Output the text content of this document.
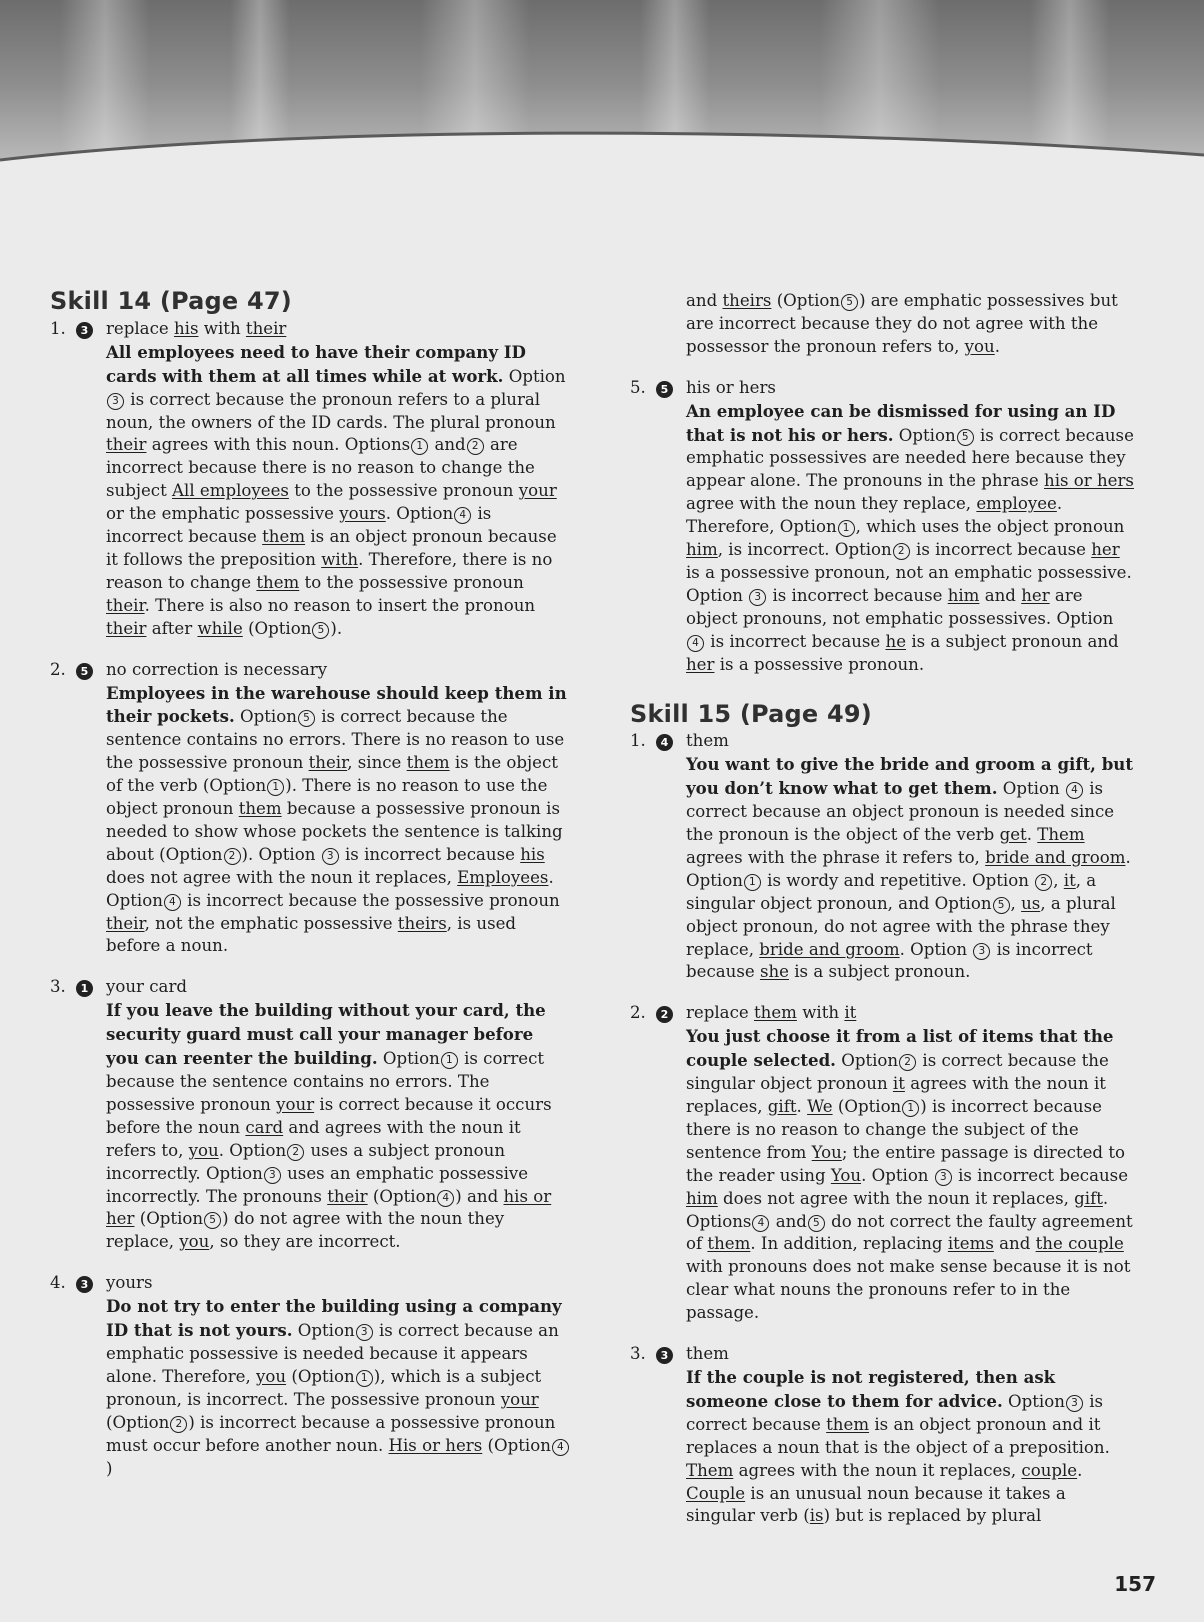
Skill 14 (Page 47)
1.	3	replace his with their

All employees need to have their company ID cards with them at all times while at work. Option 3 is correct because the pronoun refers to a plural noun, the owners of the ID cards. The plural pronoun their agrees with this noun. Options 1 and 2 are incorrect because there is no reason to change the subject All employees to the possessive pronoun your or the emphatic possessive yours. Option 4 is incorrect because them is an object pronoun because it follows the preposition with. Therefore, there is no reason to change them to the possessive pronoun their. There is also no reason to insert the pronoun their after while (Option 5 ).

2.	5	no correction is necessary

Employees in the warehouse should keep them in their pockets. Option 5 is correct because the sentence contains no errors. There is no reason to use the possessive pronoun their, since them is the object of the verb (Option 1 ). There is no reason to use the object pronoun them because a possessive pronoun is needed to show whose pockets the sentence is talking about (Option 2 ). Option 3 is incorrect because his does not agree with the noun it replaces, Employees. Option 4 is incorrect because the possessive pronoun their, not the emphatic possessive theirs, is used before a noun.

3.	1	your card

If you leave the building without your card, the security guard must call your manager before you can reenter the building. Option 1 is correct because the sentence contains no errors. The possessive pronoun your is correct because it occurs before the noun card and agrees with the noun it refers to, you. Option 2 uses a subject pronoun incorrectly. Option 3 uses an emphatic possessive incorrectly. The pronouns their (Option 4 ) and his or her (Option 5 ) do not agree with the noun they replace, you, so they are incorrect.

4.	3	yours

Do not try to enter the building using a company ID that is not yours. Option 3 is correct because an emphatic possessive is needed because it appears alone. Therefore, you (Option 1 ), which is a subject pronoun, is incorrect. The possessive pronoun your (Option 2 ) is incorrect because a possessive pronoun must occur before another noun. His or hers (Option 4)

and theirs (Option 5 ) are emphatic possessives but are incorrect because they do not agree with the possessor the pronoun refers to, you.

5.	5	his or hers

An employee can be dismissed for using an ID that is not his or hers. Option 5 is correct because emphatic possessives are needed here because they appear alone. The pronouns in the phrase his or hers agree with the noun they replace, employee. Therefore, Option 1 , which uses the object pronoun him, is incorrect. Option 2 is incorrect because her is a possessive pronoun, not an emphatic possessive. Option 3 is incorrect because him and her are object pronouns, not emphatic possessives. Option 4 is incorrect because he is a subject pronoun and her is a possessive pronoun.

Skill 15 (Page 49)
1.	4	them

You want to give the bride and groom a gift, but you don’t know what to get them. Option 4 is correct because an object pronoun is needed since the pronoun is the object of the verb get. Them agrees with the phrase it refers to, bride and groom. Option 1 is wordy and repetitive. Option 2 , it, a singular object pronoun, and Option 5 , us, a plural object pronoun, do not agree with the phrase they replace, bride and groom. Option 3 is incorrect because she is a subject pronoun.

2.	2	replace them with it

You just choose it from a list of items that the couple selected. Option 2 is correct because the singular object pronoun it agrees with the noun it replaces, gift. We (Option 1 ) is incorrect because there is no reason to change the subject of the sentence from You; the entire passage is directed to the reader using You. Option 3 is incorrect because him does not agree with the noun it replaces, gift. Options 4 and 5 do not correct the faulty agreement of them. In addition, replacing items and the couple with pronouns does not make sense because it is not clear what nouns the pronouns refer to in the passage.

3.	3	them

If the couple is not registered, then ask someone close to them for advice. Option 3 is correct because them is an object pronoun and it replaces a noun that is the object of a preposition. Them agrees with the noun it replaces, couple. Couple is an unusual noun because it takes a singular verb (is) but is replaced by plural

157
